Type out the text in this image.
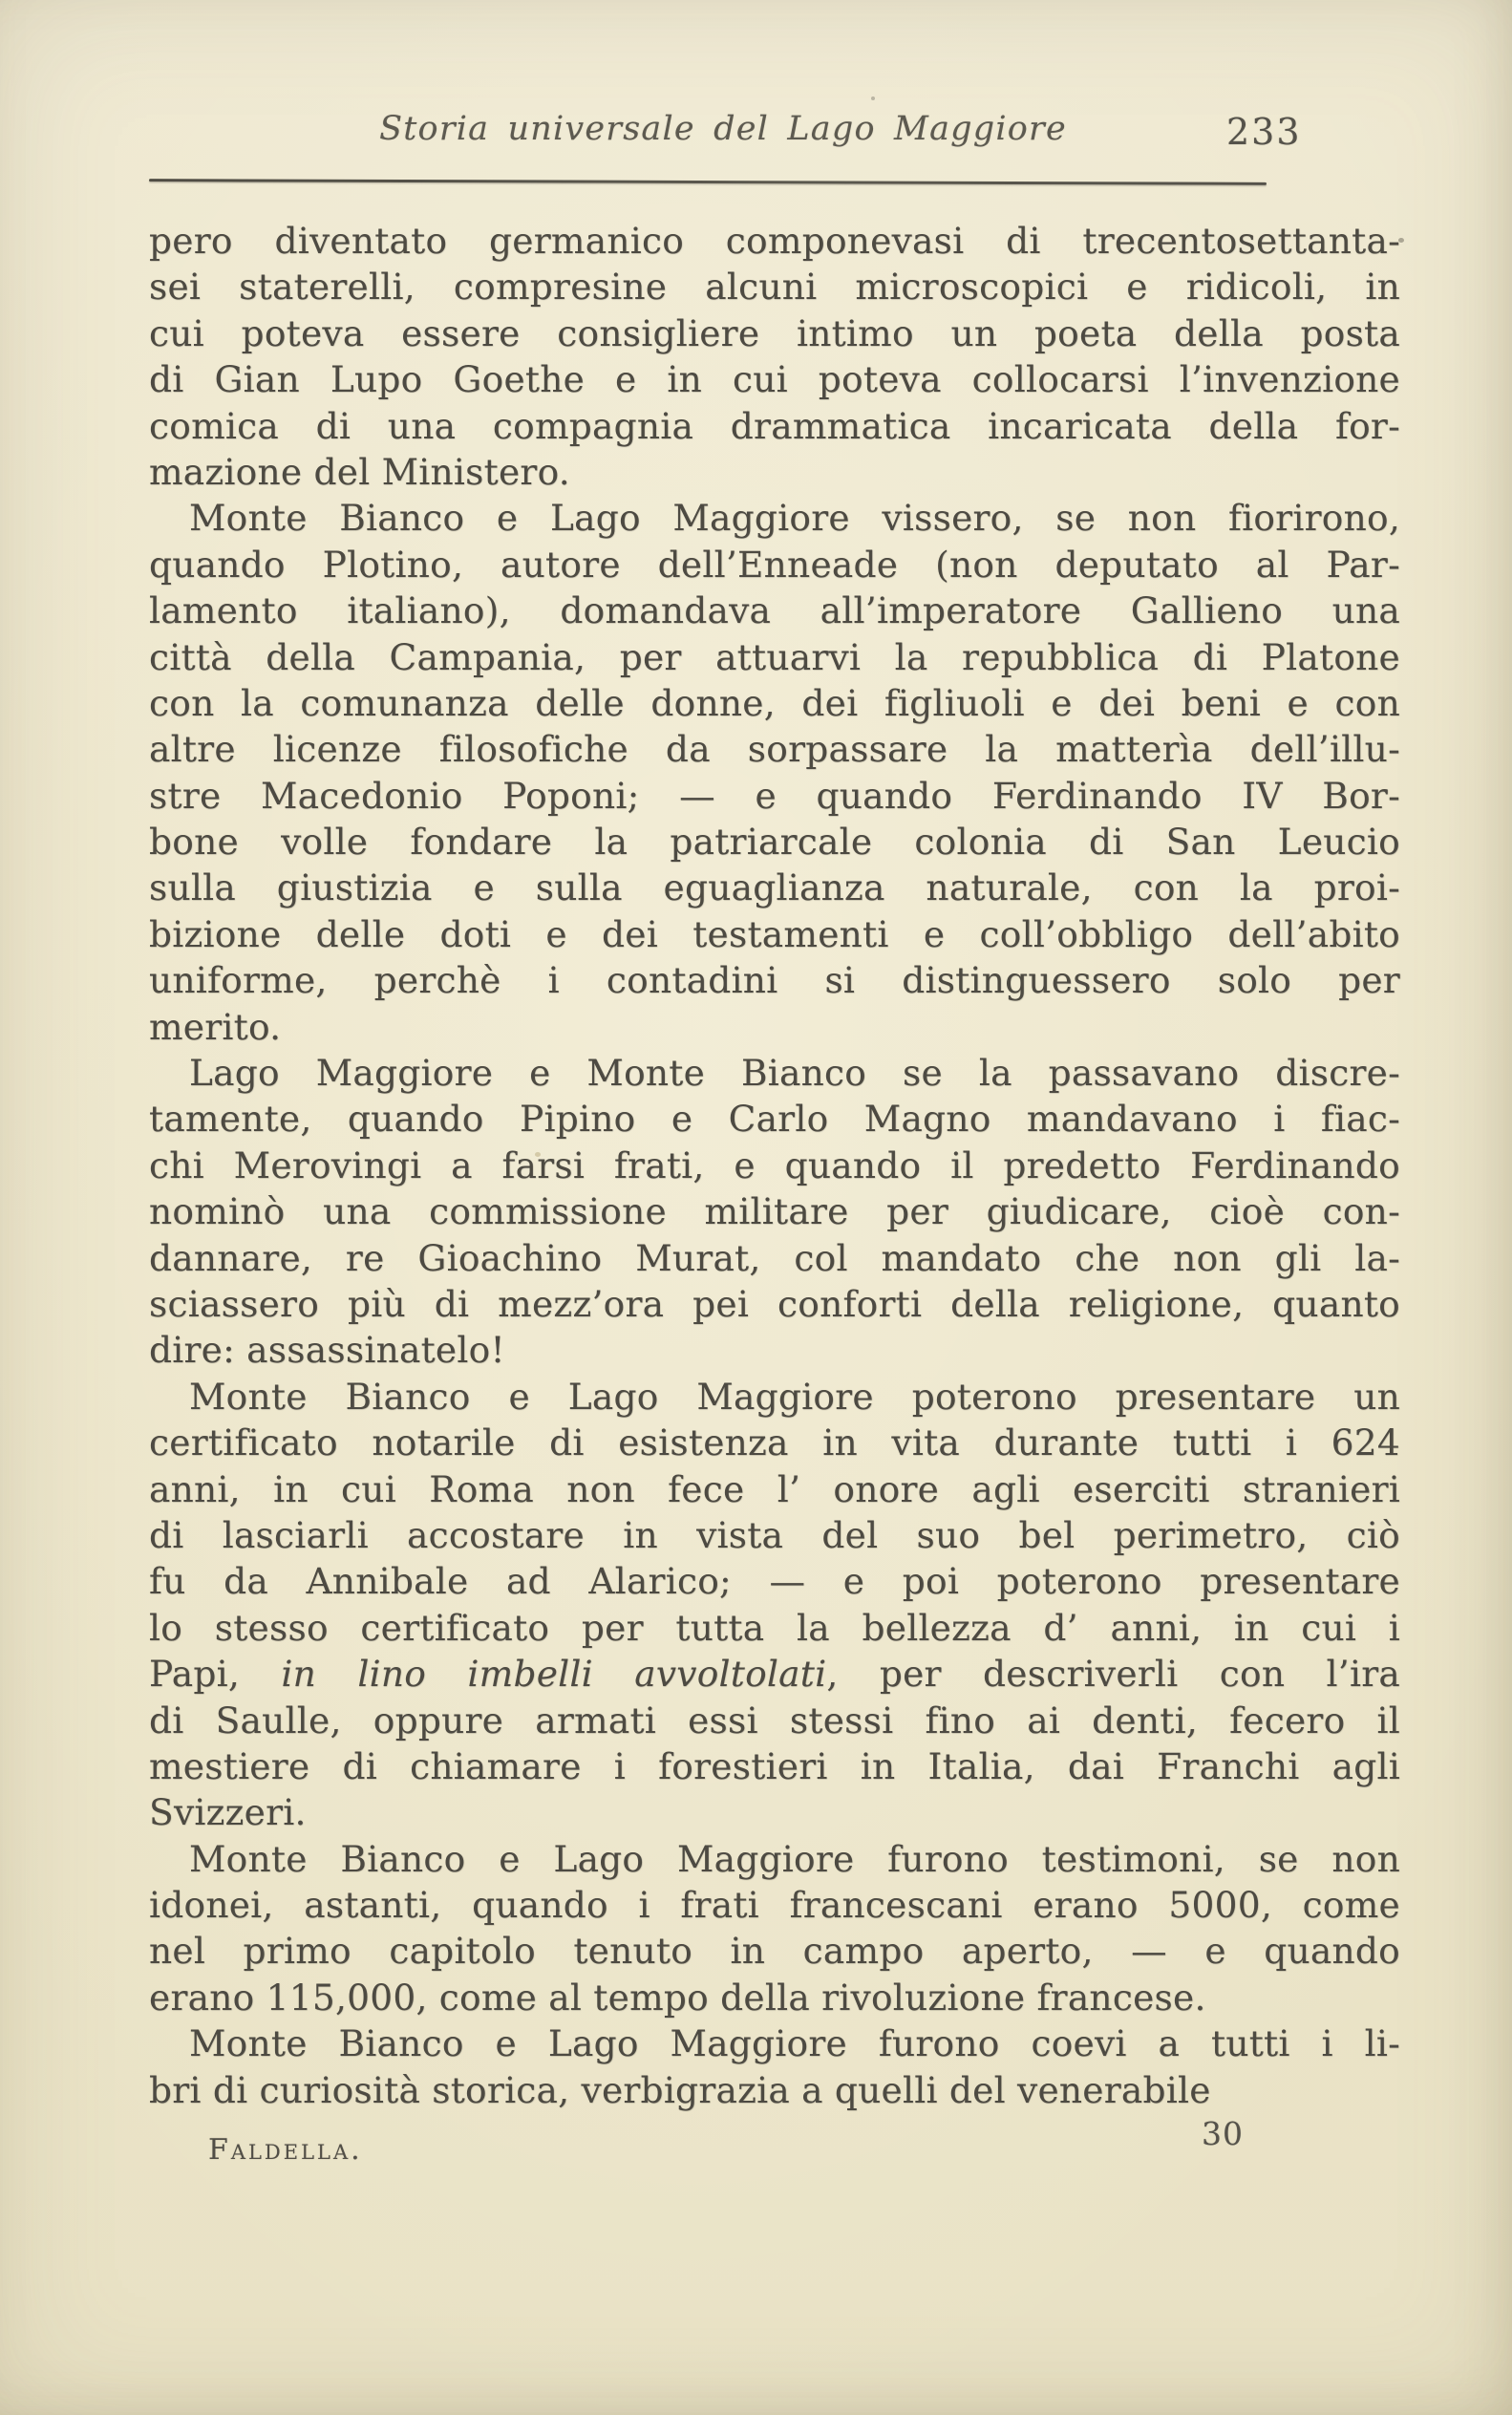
Storia universale del Lago Maggiore	233
pero diventato germanico componevasi di trecentosettanta-
sei staterelli, compresine alcuni microscopici e ridicoli, in
cui poteva essere consigliere intimo un poeta della posta
di Gian Lupo Goethe e in cui poteva collocarsi l’invenzione
comica di una compagnia drammatica incaricata della for-
mazione del Ministero.
Monte Bianco e Lago Maggiore vissero, se non fiorirono,
quando Plotino, autore dell’Enneade (non deputato al Par-
lamento italiano), domandava all’imperatore Gallieno una
città della Campania, per attuarvi la repubblica di Platone
con la comunanza delle donne, dei figliuoli e dei beni e con
altre licenze filosofiche da sorpassare la matterìa dell’illu-
stre Macedonio Poponi; — e quando Ferdinando IV Bor-
bone volle fondare la patriarcale colonia di San Leucio
sulla giustizia e sulla eguaglianza naturale, con la proi-
bizione delle doti e dei testamenti e coll’obbligo dell’abito
uniforme, perchè i contadini si distinguessero solo per
merito.
Lago Maggiore e Monte Bianco se la passavano discre-
tamente, quando Pipino e Carlo Magno mandavano i fiac-
chi Merovingi a farsi frati, e quando il predetto Ferdinando
nominò una commissione militare per giudicare, cioè con-
dannare, re Gioachino Murat, col mandato che non gli la-
sciassero più di mezz’ora pei conforti della religione, quanto
dire: assassinatelo!
Monte Bianco e Lago Maggiore poterono presentare un
certificato notarile di esistenza in vita durante tutti i 624
anni, in cui Roma non fece l’ onore agli eserciti stranieri
di lasciarli accostare in vista del suo bel perimetro, ciò
fu da Annibale ad Alarico; — e poi poterono presentare
lo stesso certificato per tutta la bellezza d’ anni, in cui i
Papi, in lino imbelli avvoltolati, per descriverli con l’ira
di Saulle, oppure armati essi stessi fino ai denti, fecero il
mestiere di chiamare i forestieri in Italia, dai Franchi agli
Svizzeri.
Monte Bianco e Lago Maggiore furono testimoni, se non
idonei, astanti, quando i frati francescani erano 5000, come
nel primo capitolo tenuto in campo aperto, — e quando
erano 115,000, come al tempo della rivoluzione francese.
Monte Bianco e Lago Maggiore furono coevi a tutti i li-
bri di curiosità storica, verbigrazia a quelli del venerabile
Faldella.	30
